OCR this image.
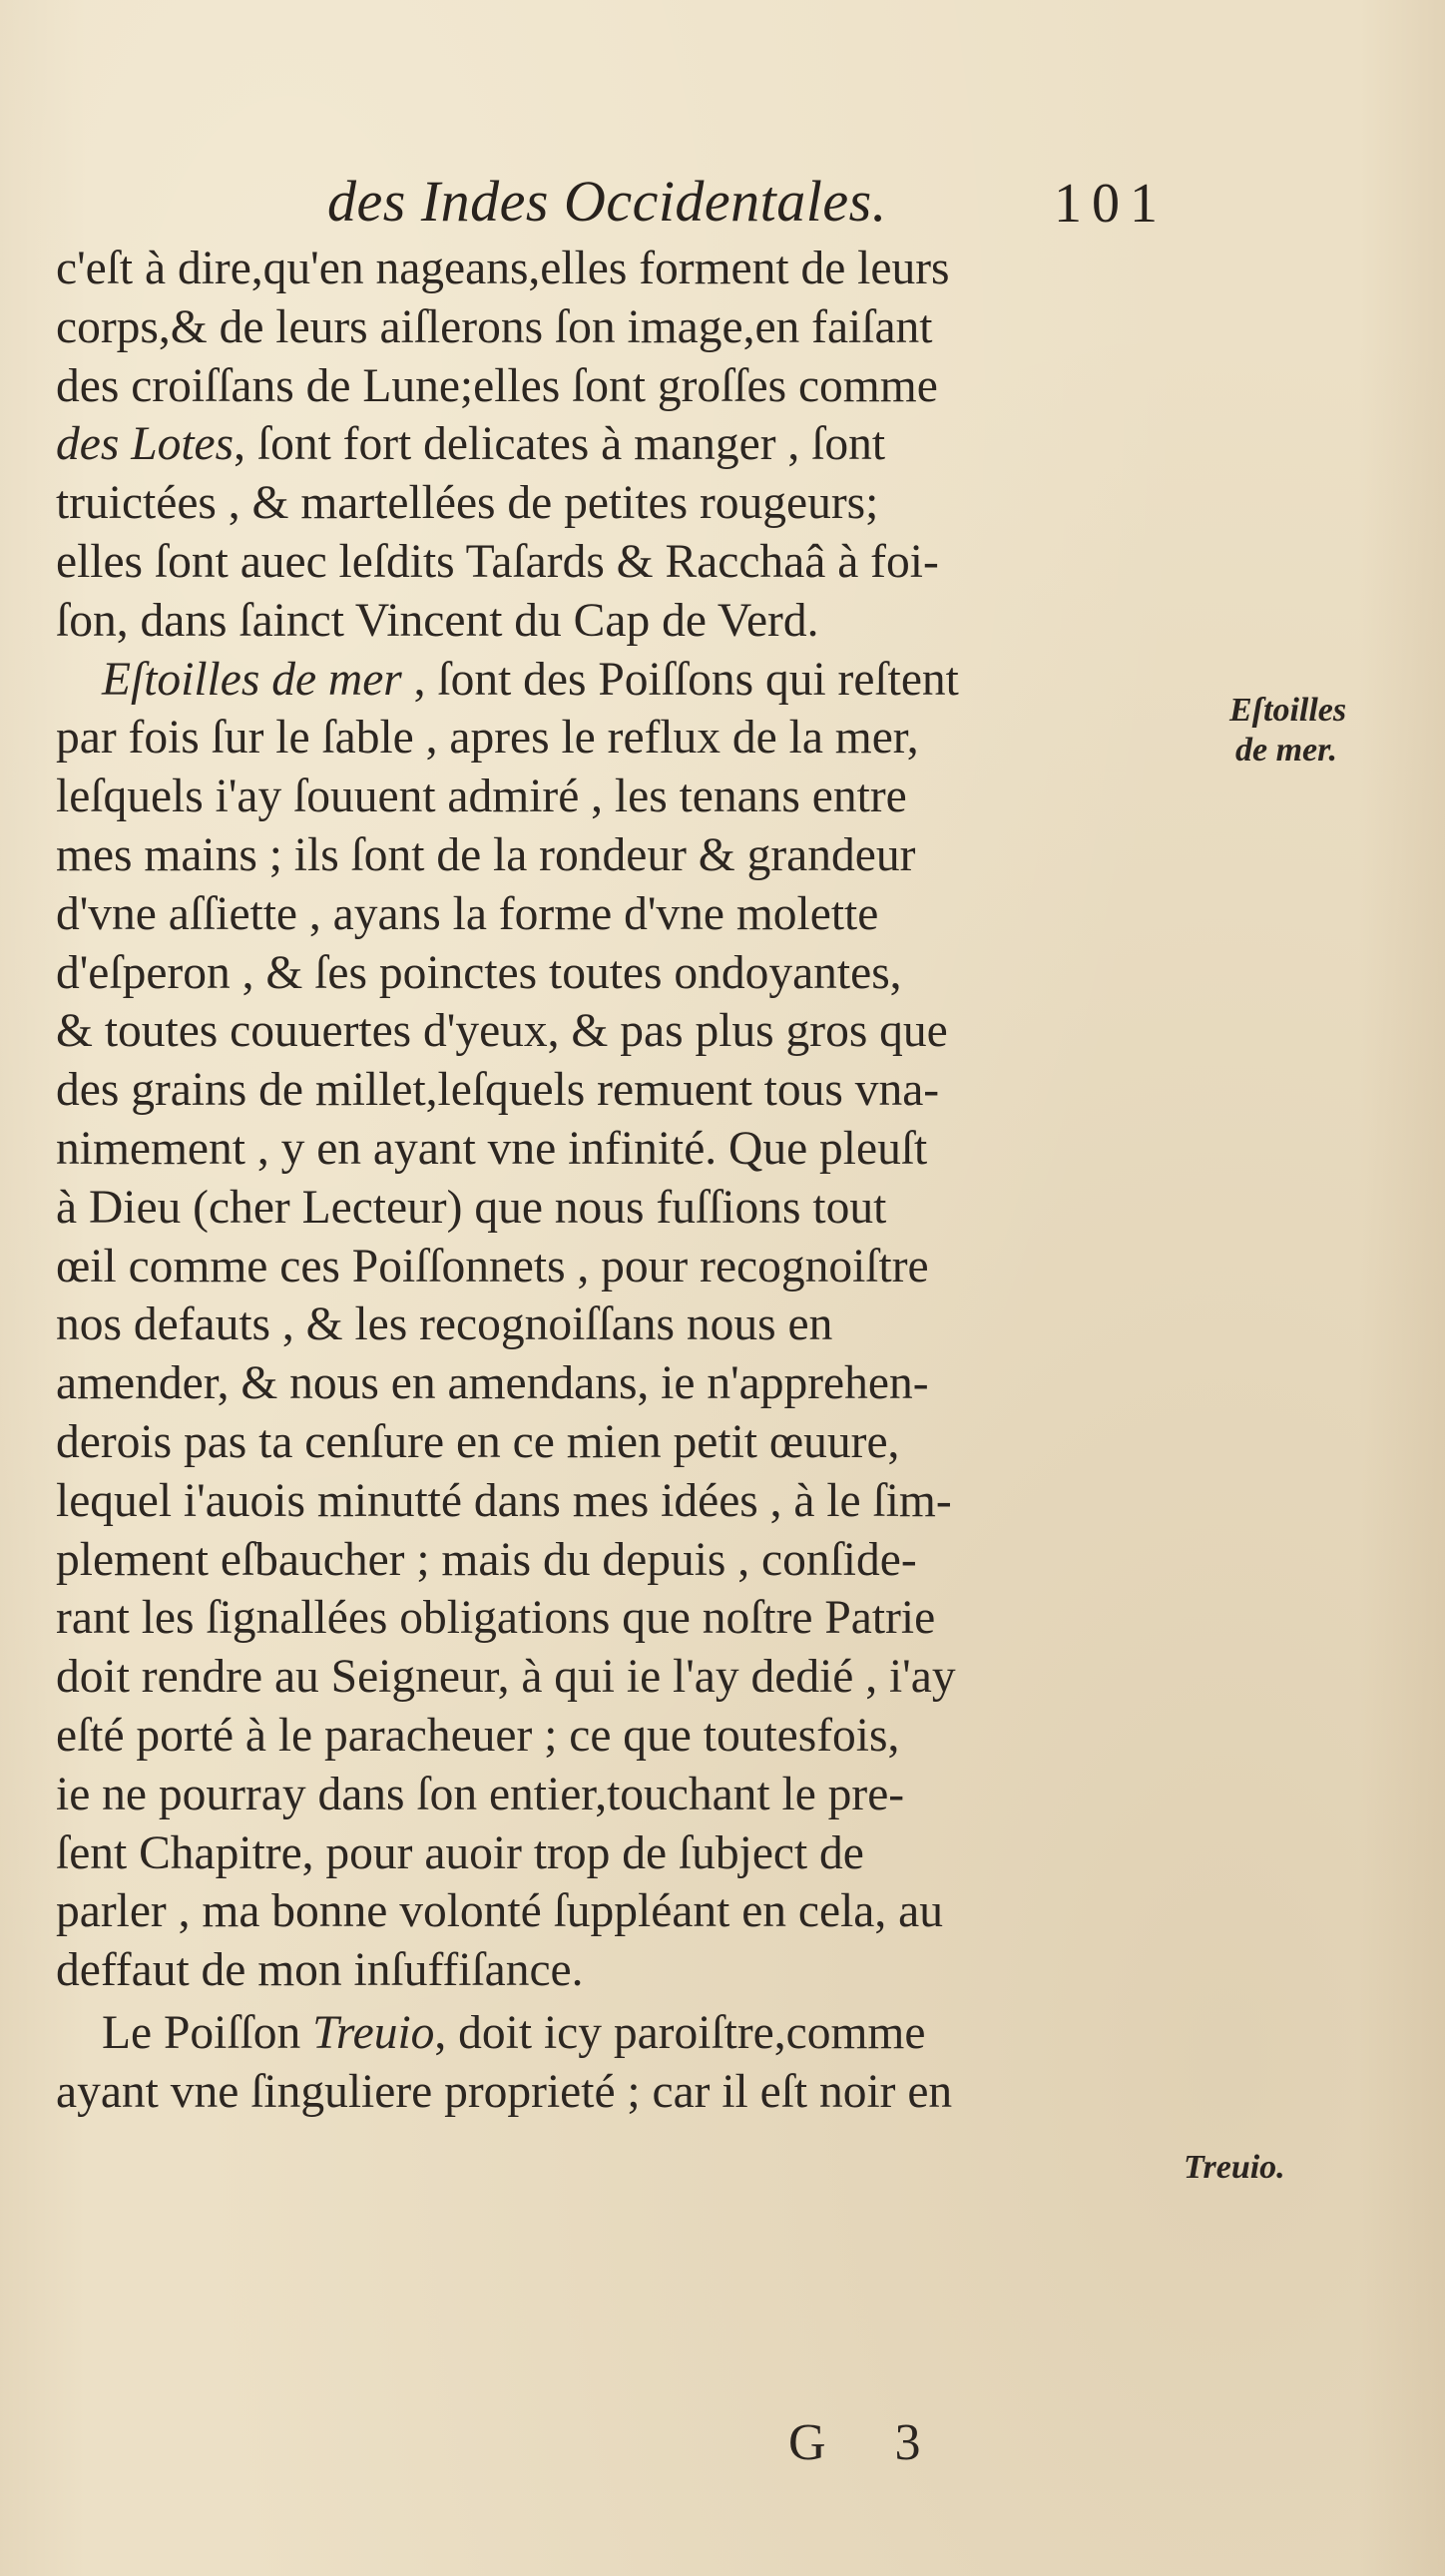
des Indes Occidentales.	101
c'eſt à dire,qu'en nageans,elles forment de leurs
corps,& de leurs aiſlerons ſon image,en faiſant
des croiſſans de Lune;elles ſont groſſes comme
des Lotes, ſont fort delicates à manger , ſont
truictées , & martellées de petites rougeurs;
elles ſont auec leſdits Taſards & Racchaâ à foi-
ſon, dans ſainct Vincent du Cap de Verd.
Eſtoilles de mer , ſont des Poiſſons qui reſtent
par fois ſur le ſable , apres le reflux de la mer,
leſquels i'ay ſouuent admiré , les tenans entre
mes mains ; ils ſont de la rondeur & grandeur
d'vne aſſiette , ayans la forme d'vne molette
d'eſperon , & ſes poinctes toutes ondoyantes,
& toutes couuertes d'yeux, & pas plus gros que
des grains de millet,leſquels remuent tous vna-
nimement , y en ayant vne infinité. Que pleuſt
à Dieu (cher Lecteur) que nous fuſſions tout
œil comme ces Poiſſonnets , pour recognoiſtre
nos defauts , & les recognoiſſans nous en
amender, & nous en amendans, ie n'apprehen-
derois pas ta cenſure en ce mien petit œuure,
lequel i'auois minutté dans mes idées , à le ſim-
plement eſbaucher ; mais du depuis , conſide-
rant les ſignallées obligations que noſtre Patrie
doit rendre au Seigneur, à qui ie l'ay dedié , i'ay
eſté porté à le paracheuer ; ce que toutesfois,
ie ne pourray dans ſon entier,touchant le pre-
ſent Chapitre, pour auoir trop de ſubject de
parler , ma bonne volonté ſuppléant en cela, au
deffaut de mon inſuffiſance.
Le Poiſſon Treuio, doit icy paroiſtre,comme
ayant vne ſinguliere proprieté ; car il eſt noir en
Eſtoilles
de mer.
Treuio.
G 3
